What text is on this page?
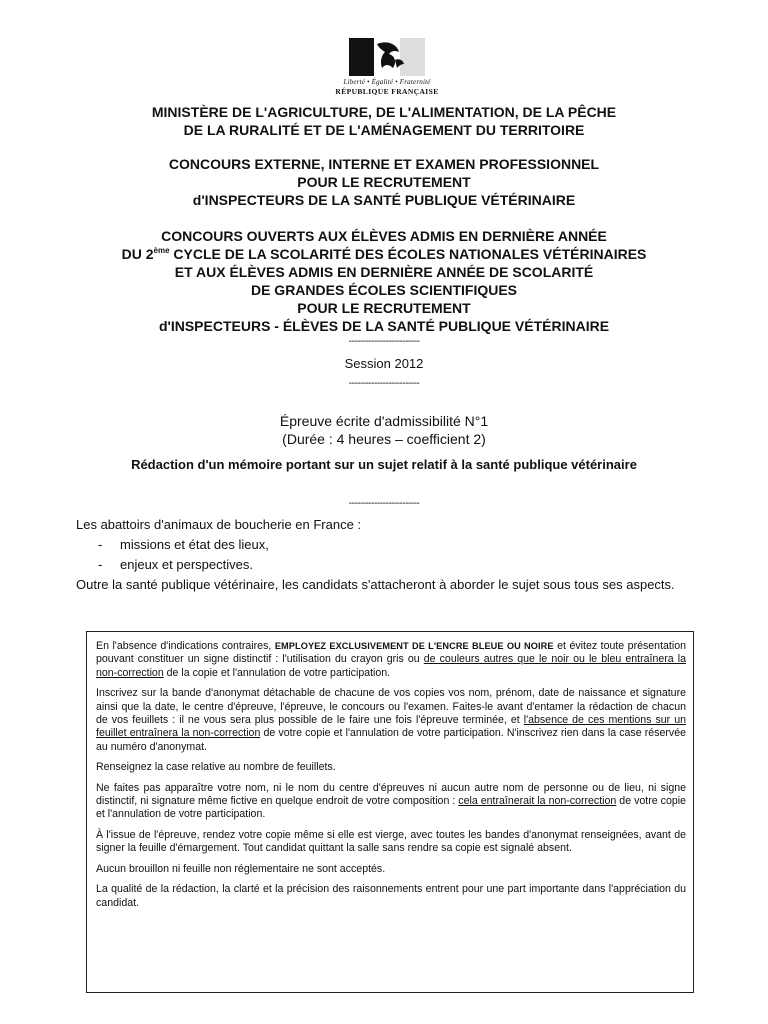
Liberté • Égalité • Fraternité
RÉPUBLIQUE FRANÇAISE
MINISTÈRE DE L'AGRICULTURE, DE L'ALIMENTATION, DE LA PÊCHE
DE LA RURALITÉ ET DE L'AMÉNAGEMENT DU TERRITOIRE
CONCOURS EXTERNE, INTERNE ET EXAMEN PROFESSIONNEL
POUR LE RECRUTEMENT
d'INSPECTEURS DE LA SANTÉ PUBLIQUE VÉTÉRINAIRE
CONCOURS OUVERTS AUX ÉLÈVES ADMIS EN DERNIÈRE ANNÉE
DU 2ème CYCLE DE LA SCOLARITÉ DES ÉCOLES NATIONALES VÉTÉRINAIRES
ET AUX ÉLÈVES ADMIS EN DERNIÈRE ANNÉE DE SCOLARITÉ
DE GRANDES ÉCOLES SCIENTIFIQUES
POUR LE RECRUTEMENT
d'INSPECTEURS - ÉLÈVES DE LA SANTÉ PUBLIQUE VÉTÉRINAIRE
-------------------------
Session 2012
-------------------------
Épreuve écrite d'admissibilité N°1
(Durée : 4 heures – coefficient 2)
Rédaction d'un mémoire portant sur un sujet relatif à la santé publique vétérinaire
-------------------------
Les abattoirs d'animaux de boucherie en France :
-	missions et état des lieux,
-	enjeux et perspectives.
Outre la santé publique vétérinaire, les candidats s'attacheront à aborder le sujet sous tous ses aspects.

En l'absence d'indications contraires, EMPLOYEZ EXCLUSIVEMENT DE L'ENCRE BLEUE OU NOIRE et évitez toute présentation pouvant constituer un signe distinctif : l'utilisation du crayon gris ou de couleurs autres que le noir ou le bleu entraînera la non-correction de la copie et l'annulation de votre participation.

Inscrivez sur la bande d'anonymat détachable de chacune de vos copies vos nom, prénom, date de naissance et signature ainsi que la date, le centre d'épreuve, l'épreuve, le concours ou l'examen. Faites-le avant d'entamer la rédaction de chacun de vos feuillets : il ne vous sera plus possible de le faire une fois l'épreuve terminée, et l'absence de ces mentions sur un feuillet entraînera la non-correction de votre copie et l'annulation de votre participation. N'inscrivez rien dans la case réservée au numéro d'anonymat.

Renseignez la case relative au nombre de feuillets.

Ne faites pas apparaître votre nom, ni le nom du centre d'épreuves ni aucun autre nom de personne ou de lieu, ni signe distinctif, ni signature même fictive en quelque endroit de votre composition : cela entraînerait la non-correction de votre copie et l'annulation de votre participation.

À l'issue de l'épreuve, rendez votre copie même si elle est vierge, avec toutes les bandes d'anonymat renseignées, avant de signer la feuille d'émargement. Tout candidat quittant la salle sans rendre sa copie est signalé absent.

Aucun brouillon ni feuille non réglementaire ne sont acceptés.

La qualité de la rédaction, la clarté et la précision des raisonnements entrent pour une part importante dans l'appréciation du candidat.
